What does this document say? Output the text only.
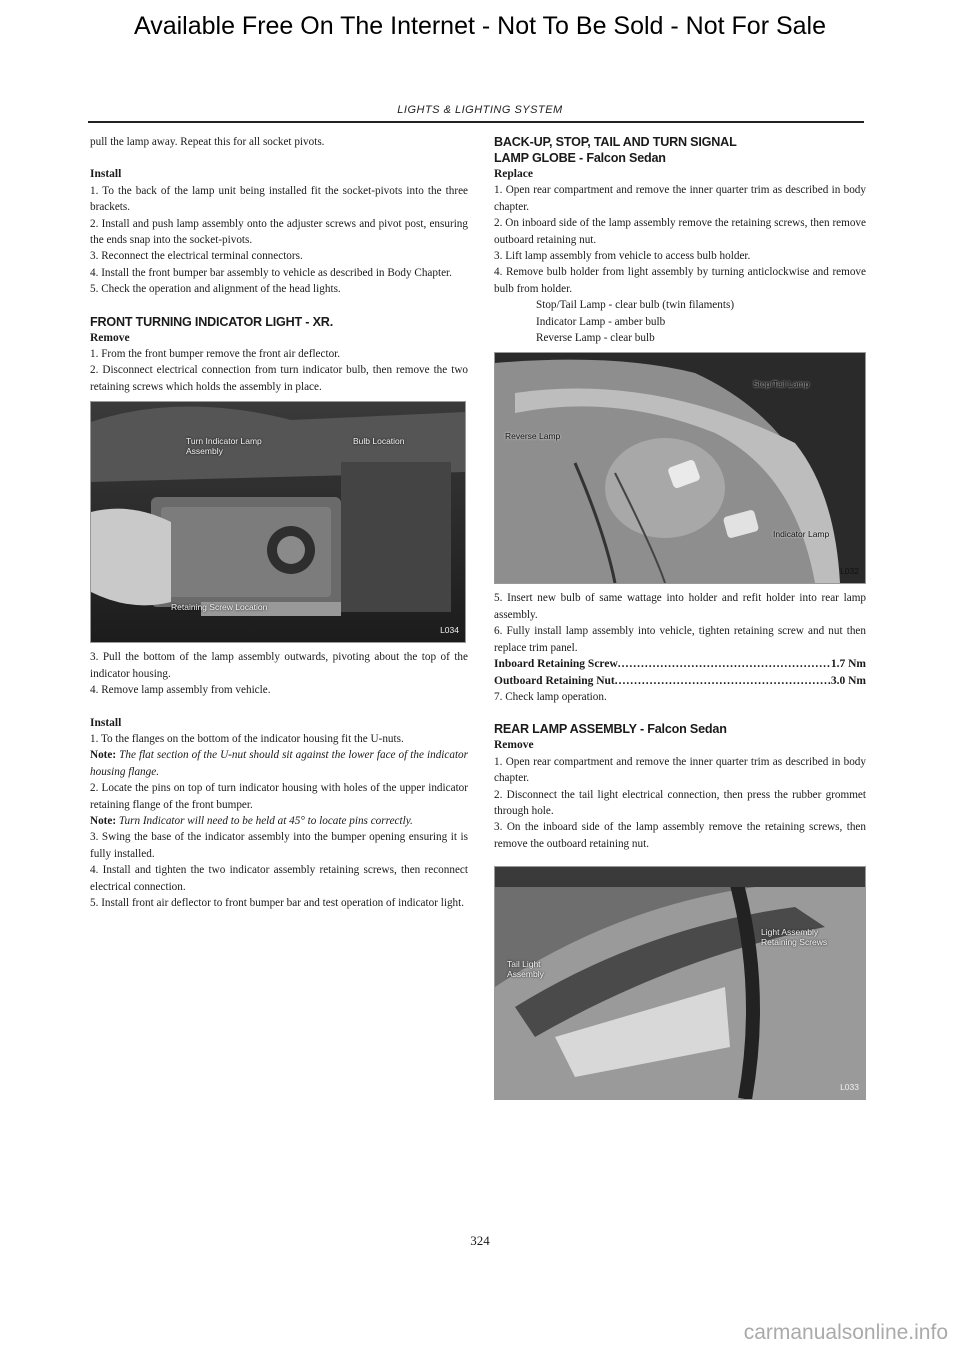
Available Free On The Internet - Not To Be Sold - Not For Sale
LIGHTS & LIGHTING SYSTEM

pull the lamp away. Repeat this for all socket pivots.

Install

1. To the back of the lamp unit being installed fit the socket-pivots into the three brackets.

2. Install and push lamp assembly onto the adjuster screws and pivot post, ensuring the ends snap into the socket-pivots.

3. Reconnect the electrical terminal connectors.

4. Install the front bumper bar assembly to vehicle as described in Body Chapter.

5. Check the operation and alignment of the head lights.

FRONT TURNING INDICATOR LIGHT - XR.

Remove

1. From the front bumper remove the front air deflector.

2. Disconnect electrical connection from turn indicator bulb, then remove the two retaining screws which holds the assembly in place.

Turn Indicator Lamp Assembly
Bulb Location
Retaining Screw Location
L034

3. Pull the bottom of the lamp assembly outwards, pivoting about the top of the indicator housing.

4. Remove lamp assembly from vehicle.

Install

1. To the flanges on the bottom of the indicator housing fit the U-nuts.

Note: The flat section of the U-nut should sit against the lower face of the indicator housing flange.

2. Locate the pins on top of turn indicator housing with holes of the upper indicator retaining flange of the front bumper.

Note: Turn Indicator will need to be held at 45° to locate pins correctly.

3. Swing the base of the indicator assembly into the bumper opening ensuring it is fully installed.

4. Install and tighten the two indicator assembly retaining screws, then reconnect electrical connection.

5. Install front air deflector to front bumper bar and test operation of indicator light.

BACK-UP, STOP, TAIL AND TURN SIGNAL

LAMP GLOBE - Falcon Sedan

Replace

1. Open rear compartment and remove the inner quarter trim as described in body chapter.

2. On inboard side of the lamp assembly remove the retaining screws, then remove outboard retaining nut.

3. Lift lamp assembly from vehicle to access bulb holder.

4. Remove bulb holder from light assembly by turning anticlockwise and remove bulb from holder.

Stop/Tail Lamp - clear bulb (twin filaments)

Indicator Lamp - amber bulb

Reverse Lamp - clear bulb

Stop/Tail Lamp
Reverse Lamp
Indicator Lamp
L032

5. Insert new bulb of same wattage into holder and refit holder into rear lamp assembly.

6. Fully install lamp assembly into vehicle, tighten retaining screw and nut then replace trim panel.

Inboard Retaining Screw .....	1.7 Nm
Outboard Retaining Nut .....	3.0 Nm

7. Check lamp operation.

REAR LAMP ASSEMBLY - Falcon Sedan

Remove

1. Open rear compartment and remove the inner quarter trim as described in body chapter.

2. Disconnect the tail light electrical connection, then press the rubber grommet through hole.

3. On the inboard side of the lamp assembly remove the retaining screws, then remove the outboard retaining nut.

Light Assembly Retaining Screws
Tail Light Assembly
L033
324
carmanualsonline.info
